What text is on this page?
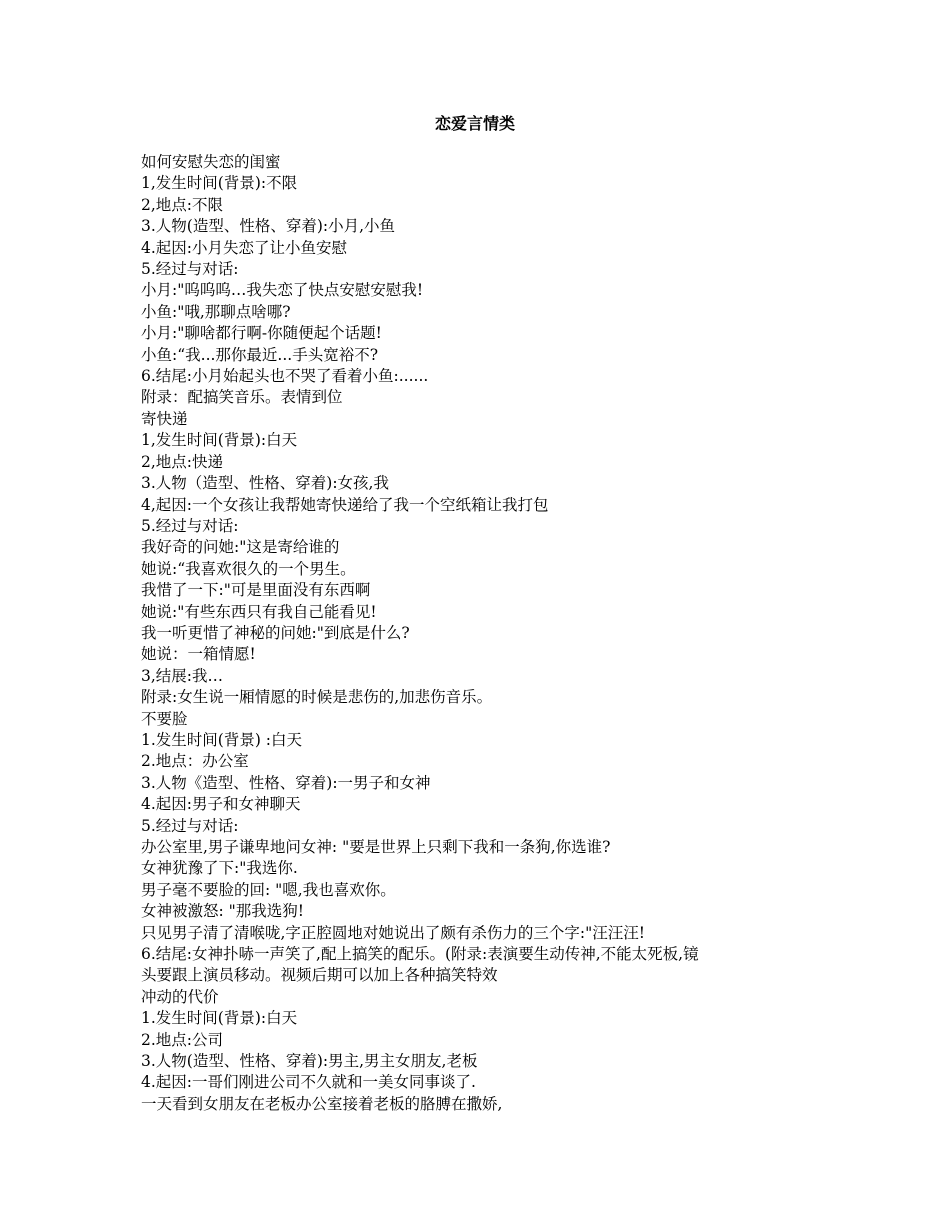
恋爱言情类
如何安慰失恋的闺蜜
1,发生时间(背景):不限
2,地点:不限
3.人物(造型、性格、穿着):小月,小鱼
4.起因:小月失恋了让小鱼安慰
5.经过与对话:
小月:"呜呜呜…我失恋了快点安慰安慰我!
小鱼:"哦,那聊点啥哪?
小月:"聊啥都行啊-你随便起个话题!
小鱼:“我...那你最近...手头宽裕不?
6.结尾:小月始起头也不哭了看着小鱼:......
附录：配搞笑音乐。表情到位
寄快递
1,发生时间(背景):白天
2,地点:快递
3.人物（造型、性格、穿着):女孩,我
4,起因:一个女孩让我帮她寄快递给了我一个空纸箱让我打包
5.经过与对话:
我好奇的问她:"这是寄给谁的
她说:“我喜欢很久的一个男生。
我惜了一下:"可是里面没有东西啊
她说:"有些东西只有我自己能看见!
我一听更惜了神秘的问她:"到底是什么?
她说：一箱情愿!
3,结展:我…
附录:女生说一厢情愿的时候是悲伤的,加悲伤音乐。
不要脸
1.发生时间(背景) :白天
2.地点：办公室
3.人物《造型、性格、穿着):一男子和女神
4.起因:男子和女神聊天
5.经过与对话:
办公室里,男子谦卑地问女神: "要是世界上只剩下我和一条狗,你选谁?
女神犹豫了下:"我选你.
男子毫不要脸的回: "嗯,我也喜欢你。
女神被激怒: "那我选狗!
只见男子清了清喉咙,字正腔圆地对她说出了颇有杀伤力的三个字:"汪汪汪!
6.结尾:女神扑哧一声笑了,配上搞笑的配乐。(附录:表演要生动传神,不能太死板,镜
头要跟上演员移动。视频后期可以加上各种搞笑特效
冲动的代价
1.发生时间(背景):白天
2.地点:公司
3.人物(造型、性格、穿着):男主,男主女朋友,老板
4.起因:一哥们刚进公司不久就和一美女同事谈了.
一天看到女朋友在老板办公室接着老板的胳膊在撒娇,
